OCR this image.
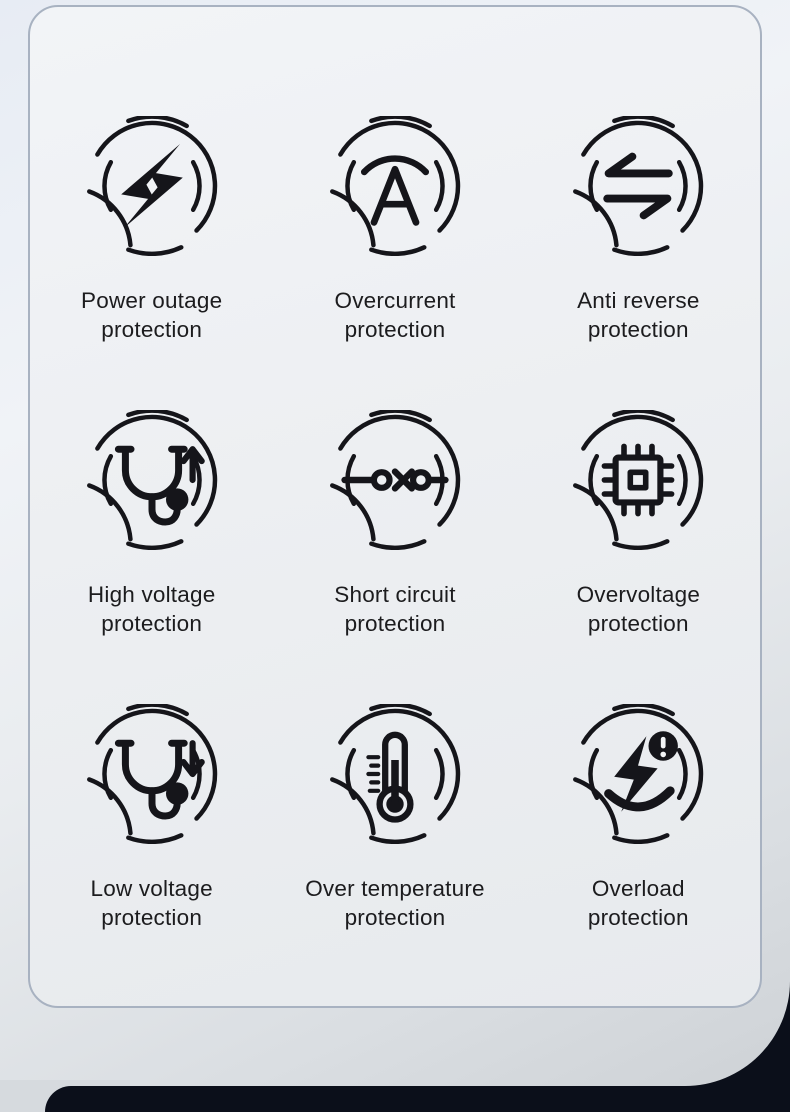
Power outage
protection
Overcurrent
protection
Anti reverse
protection
High voltage
protection
Short circuit
protection
Overvoltage
protection
Low voltage
protection
Over temperature
protection
Overload
protection
